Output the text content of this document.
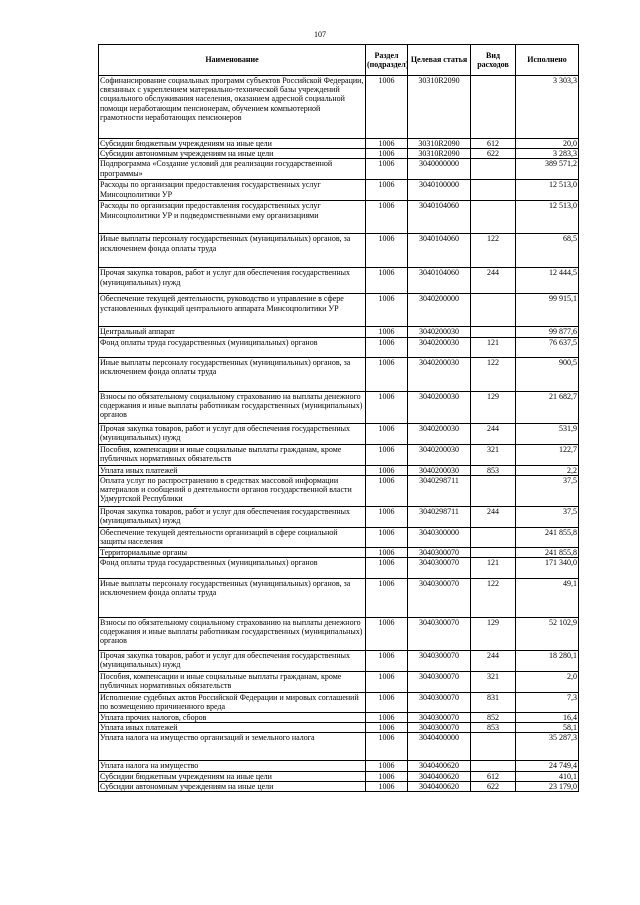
107
Наименование	Раздел (подраздел)	Целевая статья	Вид расходов	Исполнено
Софинансирование социальных программ субъектов Российской Федерации, связанных с укреплением материально-технической базы учреждений социального обслуживания населения, оказанием адресной социальной помощи неработающим пенсионерам, обучением компьютерной грамотности неработающих пенсионеров	1006	30310R2090		3 303,3
Субсидии бюджетным учреждениям на иные цели	1006	30310R2090	612	20,0
Субсидии автономным учреждениям на иные цели	1006	30310R2090	622	3 283,3
Подпрограмма «Создание условий для реализации государственной программы»	1006	3040000000		389 571,2
Расходы по организации предоставления государственных услуг Минсоцполитики УР	1006	3040100000		12 513,0
Расходы по организации предоставления государственных услуг Минсоцполитики УР и подведомственными ему организациями	1006	3040104060		12 513,0
Иные выплаты персоналу государственных (муниципальных) органов, за исключением фонда оплаты труда	1006	3040104060	122	68,5
Прочая закупка товаров, работ и услуг для обеспечения государственных (муниципальных) нужд	1006	3040104060	244	12 444,5
Обеспечение текущей деятельности, руководство и управление в сфере установленных функций центрального аппарата Минсоцполитики УР	1006	3040200000		99 915,1
Центральный аппарат	1006	3040200030		99 877,6
Фонд оплаты труда государственных (муниципальных) органов	1006	3040200030	121	76 637,5
Иные выплаты персоналу государственных (муниципальных) органов, за исключением фонда оплаты труда	1006	3040200030	122	900,5
Взносы по обязательному социальному страхованию на выплаты денежного содержания и иные выплаты работникам государственных (муниципальных) органов	1006	3040200030	129	21 682,7
Прочая закупка товаров, работ и услуг для обеспечения государственных (муниципальных) нужд	1006	3040200030	244	531,9
Пособия, компенсации и иные социальные выплаты гражданам, кроме публичных нормативных обязательств	1006	3040200030	321	122,7
Уплата иных платежей	1006	3040200030	853	2,2
Оплата услуг по распространению в средствах массовой информации материалов и сообщений о деятельности органов государственной власти Удмуртской Республики	1006	3040298711		37,5
Прочая закупка товаров, работ и услуг для обеспечения государственных (муниципальных) нужд	1006	3040298711	244	37,5
Обеспечение текущей деятельности организаций в сфере социальной защиты населения	1006	3040300000		241 855,8
Территориальные органы	1006	3040300070		241 855,8
Фонд оплаты труда государственных (муниципальных) органов	1006	3040300070	121	171 340,0
Иные выплаты персоналу государственных (муниципальных) органов, за исключением фонда оплаты труда	1006	3040300070	122	49,1
Взносы по обязательному социальному страхованию на выплаты денежного содержания и иные выплаты работникам государственных (муниципальных) органов	1006	3040300070	129	52 102,9
Прочая закупка товаров, работ и услуг для обеспечения государственных (муниципальных) нужд	1006	3040300070	244	18 280,1
Пособия, компенсации и иные социальные выплаты гражданам, кроме публичных нормативных обязательств	1006	3040300070	321	2,0
Исполнение судебных актов Российской Федерации и мировых соглашений по возмещению причиненного вреда	1006	3040300070	831	7,3
Уплата прочих налогов, сборов	1006	3040300070	852	16,4
Уплата иных платежей	1006	3040300070	853	58,1
Уплата налога на имущество организаций и земельного налога	1006	3040400000		35 287,3
Уплата налога на имущество	1006	3040400620		24 749,4
Субсидии бюджетным учреждениям на иные цели	1006	3040400620	612	410,1
Субсидии автономным учреждениям на иные цели	1006	3040400620	622	23 179,0
